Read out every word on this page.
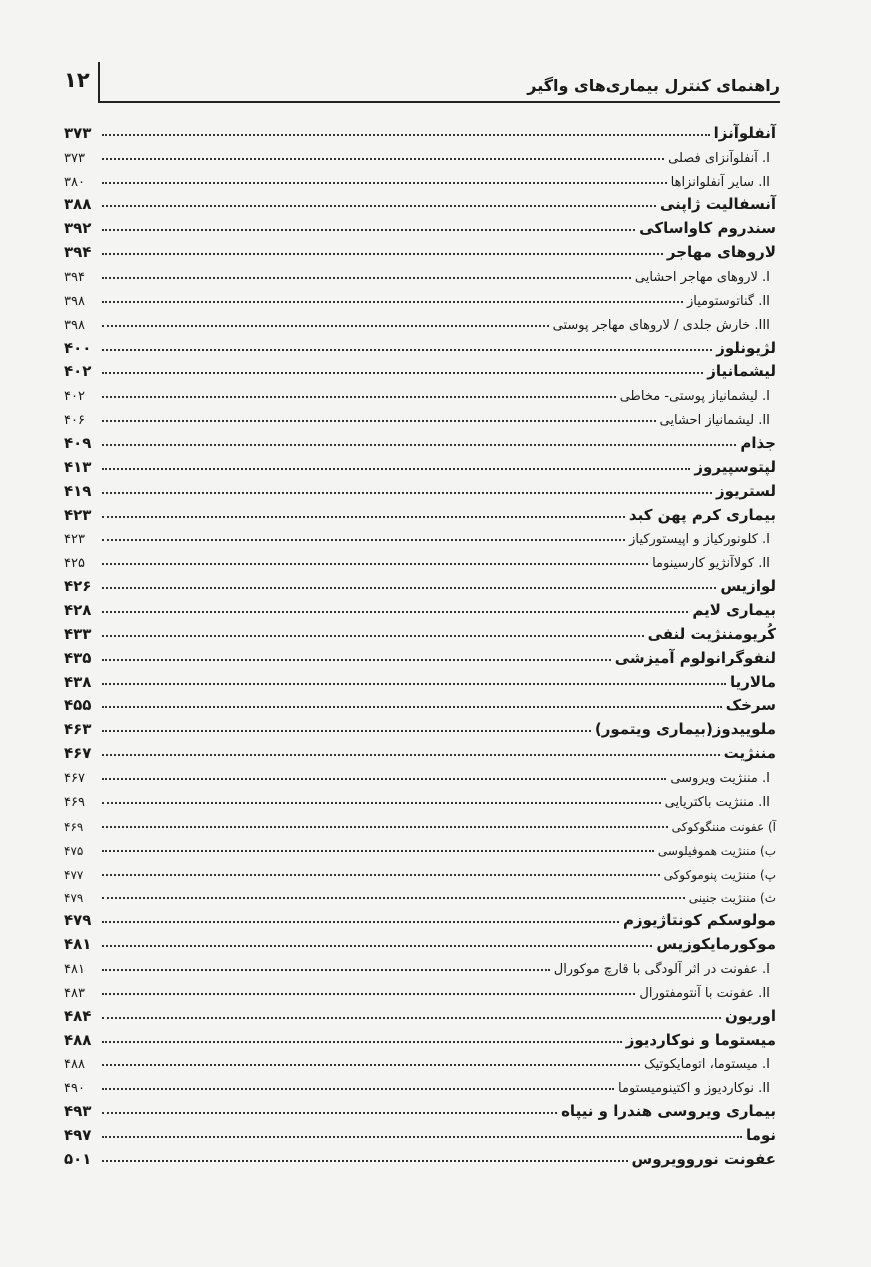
۱۲	راهنمای کنترل بیماری‌های واگیر
آنفلوآنزا
۳۷۳
I. آنفلوآنزای فصلی
۳۷۳
II. سایر آنفلوانزاها
۳۸۰
آنسفالیت ژاپنی
۳۸۸
سندروم کاواساکی
۳۹۲
لاروهای مهاجر
۳۹۴
I. لاروهای مهاجر احشایی
۳۹۴
II. گناتوستومیاز
۳۹۸
III. خارش جلدی / لاروهای مهاجر پوستی
۳۹۸
لژیونلوز
۴۰۰
لیشمانیاز
۴۰۲
I. لیشمانیاز پوستی- مخاطی
۴۰۲
II. لیشمانیاز احشایی
۴۰۶
جذام
۴۰۹
لپتوسپیروز
۴۱۳
لستریوز
۴۱۹
بیماری کرم پهن کبد
۴۲۳
I. کلونورکیاز و اپیستورکیاز
۴۲۳
II. کولاآنژیو کارسینوما
۴۲۵
لوازیس
۴۲۶
بیماری لایم
۴۲۸
کُریومننژیت لنفی
۴۳۳
لنفوگرانولوم آمیزشی
۴۳۵
مالاریا
۴۳۸
سرخک
۴۵۵
ملوییدوز(بیماری ویتمور)
۴۶۳
مننژیت
۴۶۷
I. مننژیت ویروسی
۴۶۷
II. مننژیت باکتریایی
۴۶۹
آ) عفونت مننگوکوکی
۴۶۹
ب) مننژیت هموفیلوسی
۴۷۵
پ) مننژیت پنوموکوکی
۴۷۷
ث) مننژیت جنینی
۴۷۹
مولوسکم کونتاژیوزم
۴۷۹
موکورمایکوزیس
۴۸۱
I. عفونت در اثر آلودگی با قارچ موکورال
۴۸۱
II. عفونت با آنتومفتورال
۴۸۳
اوریون
۴۸۴
میستوما و نوکاردیوز
۴۸۸
I. میستوما، اتومایکوتیک
۴۸۸
II. نوکاردیوز و اکتینومیستوما
۴۹۰
بیماری ویروسی هندرا و نیپاه
۴۹۳
نوما
۴۹۷
عفونت نوروویروس
۵۰۱
